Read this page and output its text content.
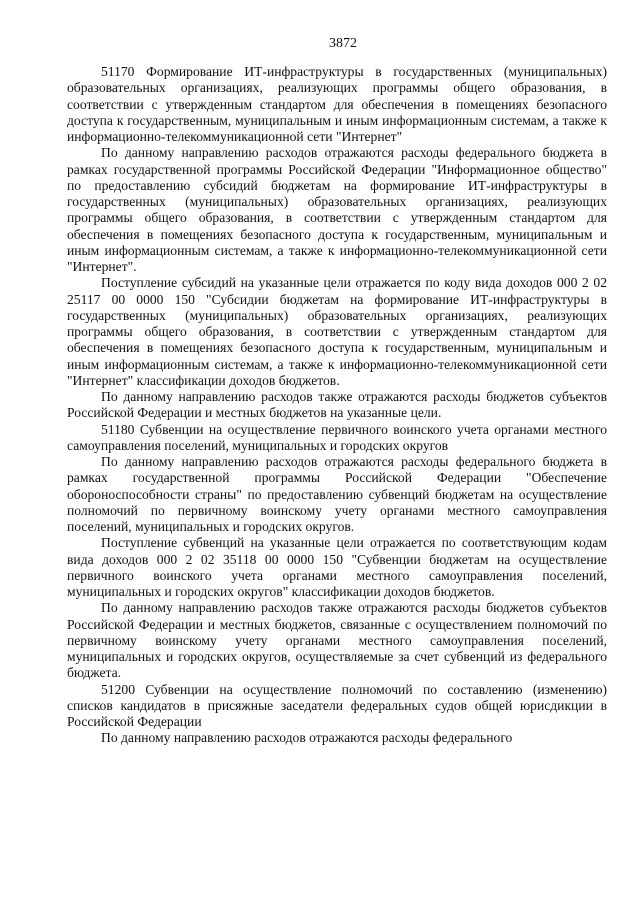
3872

51170 Формирование ИТ-инфраструктуры в государственных (муниципальных) образовательных организациях, реализующих программы общего образования, в соответствии с утвержденным стандартом для обеспечения в помещениях безопасного доступа к государственным, муниципальным и иным информационным системам, а также к информационно-телекоммуникационной сети "Интернет"

По данному направлению расходов отражаются расходы федерального бюджета в рамках государственной программы Российской Федерации "Информационное общество" по предоставлению субсидий бюджетам на формирование ИТ-инфраструктуры в государственных (муниципальных) образовательных организациях, реализующих программы общего образования, в соответствии с утвержденным стандартом для обеспечения в помещениях безопасного доступа к государственным, муниципальным и иным информационным системам, а также к информационно-телекоммуникационной сети "Интернет".

Поступление субсидий на указанные цели отражается по коду вида доходов 000 2 02 25117 00 0000 150 "Субсидии бюджетам на формирование ИТ-инфраструктуры в государственных (муниципальных) образовательных организациях, реализующих программы общего образования, в соответствии с утвержденным стандартом для обеспечения в помещениях безопасного доступа к государственным, муниципальным и иным информационным системам, а также к информационно-телекоммуникационной сети "Интернет" классификации доходов бюджетов.

По данному направлению расходов также отражаются расходы бюджетов субъектов Российской Федерации и местных бюджетов на указанные цели.

51180 Субвенции на осуществление первичного воинского учета органами местного самоуправления поселений, муниципальных и городских округов

По данному направлению расходов отражаются расходы федерального бюджета в рамках государственной программы Российской Федерации "Обеспечение обороноспособности страны" по предоставлению субвенций бюджетам на осуществление полномочий по первичному воинскому учету органами местного самоуправления поселений, муниципальных и городских округов.

Поступление субвенций на указанные цели отражается по соответствующим кодам вида доходов 000 2 02 35118 00 0000 150 "Субвенции бюджетам на осуществление первичного воинского учета органами местного самоуправления поселений, муниципальных и городских округов" классификации доходов бюджетов.

По данному направлению расходов также отражаются расходы бюджетов субъектов Российской Федерации и местных бюджетов, связанные с осуществлением полномочий по первичному воинскому учету органами местного самоуправления поселений, муниципальных и городских округов, осуществляемые за счет субвенций из федерального бюджета.

51200 Субвенции на осуществление полномочий по составлению (изменению) списков кандидатов в присяжные заседатели федеральных судов общей юрисдикции в Российской Федерации

По данному направлению расходов отражаются расходы федерального
